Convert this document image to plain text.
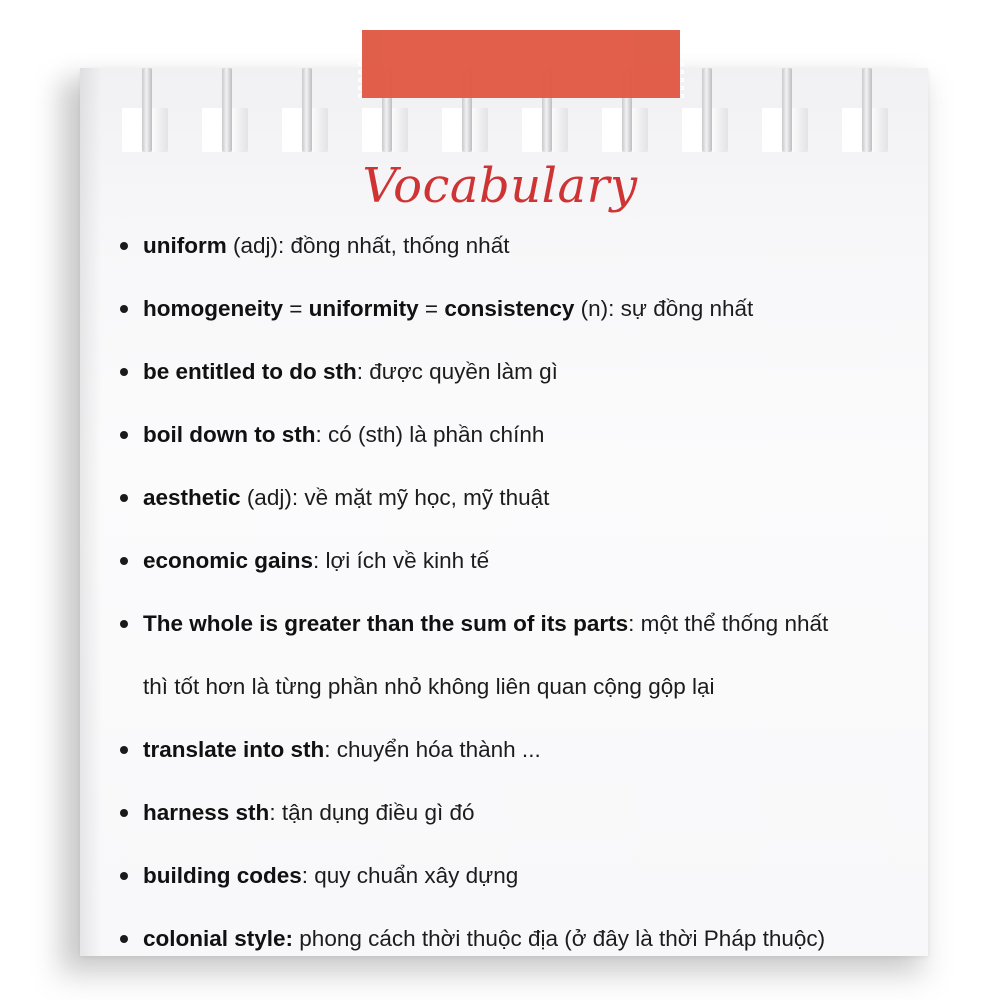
Vocabulary
uniform (adj): đồng nhất, thống nhất
homogeneity = uniformity = consistency (n): sự đồng nhất
be entitled to do sth: được quyền làm gì
boil down to sth: có (sth) là phần chính
aesthetic (adj): về mặt mỹ học, mỹ thuật
economic gains: lợi ích về kinh tế
The whole is greater than the sum of its parts: một thể thống nhất
thì tốt hơn là từng phần nhỏ không liên quan cộng gộp lại
translate into sth: chuyển hóa thành ...
harness sth: tận dụng điều gì đó
building codes: quy chuẩn xây dựng
colonial style: phong cách thời thuộc địa (ở đây là thời Pháp thuộc)
